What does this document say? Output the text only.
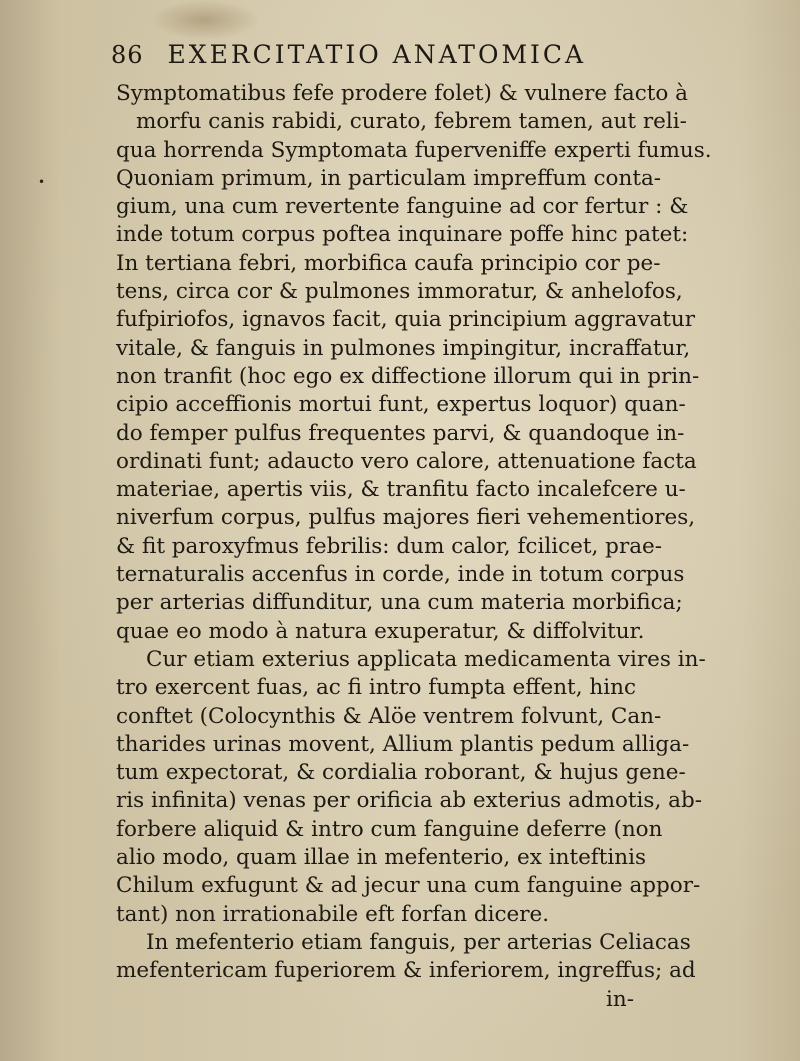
•
86 EXERCITATIO ANATOMICA
Symptomatibus fefe prodere folet) & vulnere facto à
morfu canis rabidi, curato, febrem tamen, aut reli-
qua horrenda Symptomata fuperveniffe experti fumus.
Quoniam primum, in particulam impreffum conta-
gium, una cum revertente fanguine ad cor fertur : &
inde totum corpus poftea inquinare poffe hinc patet:
In tertiana febri, morbifica caufa principio cor pe-
tens, circa cor & pulmones immoratur, & anhelofos,
fufpiriofos, ignavos facit, quia principium aggravatur
vitale, & fanguis in pulmones impingitur, incraffatur,
non tranfit (hoc ego ex diffectione illorum qui in prin-
cipio acceffionis mortui funt, expertus loquor) quan-
do femper pulfus frequentes parvi, & quandoque in-
ordinati funt; adaucto vero calore, attenuatione facta
materiae, apertis viis, & tranfitu facto incalefcere u-
niverfum corpus, pulfus majores fieri vehementiores,
& fit paroxyfmus febrilis: dum calor, fcilicet, prae-
ternaturalis accenfus in corde, inde in totum corpus
per arterias diffunditur, una cum materia morbifica;
quae eo modo à natura exuperatur, & diffolvitur.
Cur etiam exterius applicata medicamenta vires in-
tro exercent fuas, ac fi intro fumpta effent, hinc
conftet (Colocynthis & Alöe ventrem folvunt, Can-
tharides urinas movent, Allium plantis pedum alliga-
tum expectorat, & cordialia roborant, & hujus gene-
ris infinita) venas per orificia ab exterius admotis, ab-
forbere aliquid & intro cum fanguine deferre (non
alio modo, quam illae in mefenterio, ex inteftinis
Chilum exfugunt & ad jecur una cum fanguine appor-
tant) non irrationabile eft forfan dicere.
In mefenterio etiam fanguis, per arterias Celiacas
mefentericam fuperiorem & inferiorem, ingreffus; ad
in-
